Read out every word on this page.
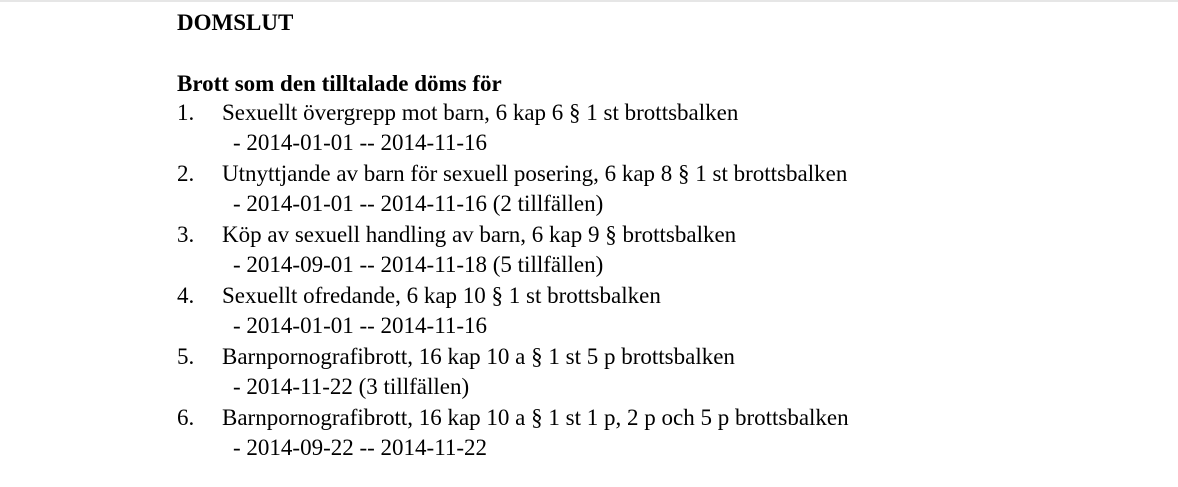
DOMSLUT
Brott som den tilltalade döms för
1. Sexuellt övergrepp mot barn, 6 kap 6 § 1 st brottsbalken
- 2014-01-01 -- 2014-11-16
2. Utnyttjande av barn för sexuell posering, 6 kap 8 § 1 st brottsbalken
- 2014-01-01 -- 2014-11-16 (2 tillfällen)
3. Köp av sexuell handling av barn, 6 kap 9 § brottsbalken
- 2014-09-01 -- 2014-11-18 (5 tillfällen)
4. Sexuellt ofredande, 6 kap 10 § 1 st brottsbalken
- 2014-01-01 -- 2014-11-16
5. Barnpornografibrott, 16 kap 10 a § 1 st 5 p brottsbalken
- 2014-11-22 (3 tillfällen)
6. Barnpornografibrott, 16 kap 10 a § 1 st 1 p, 2 p och 5 p brottsbalken
- 2014-09-22 -- 2014-11-22
